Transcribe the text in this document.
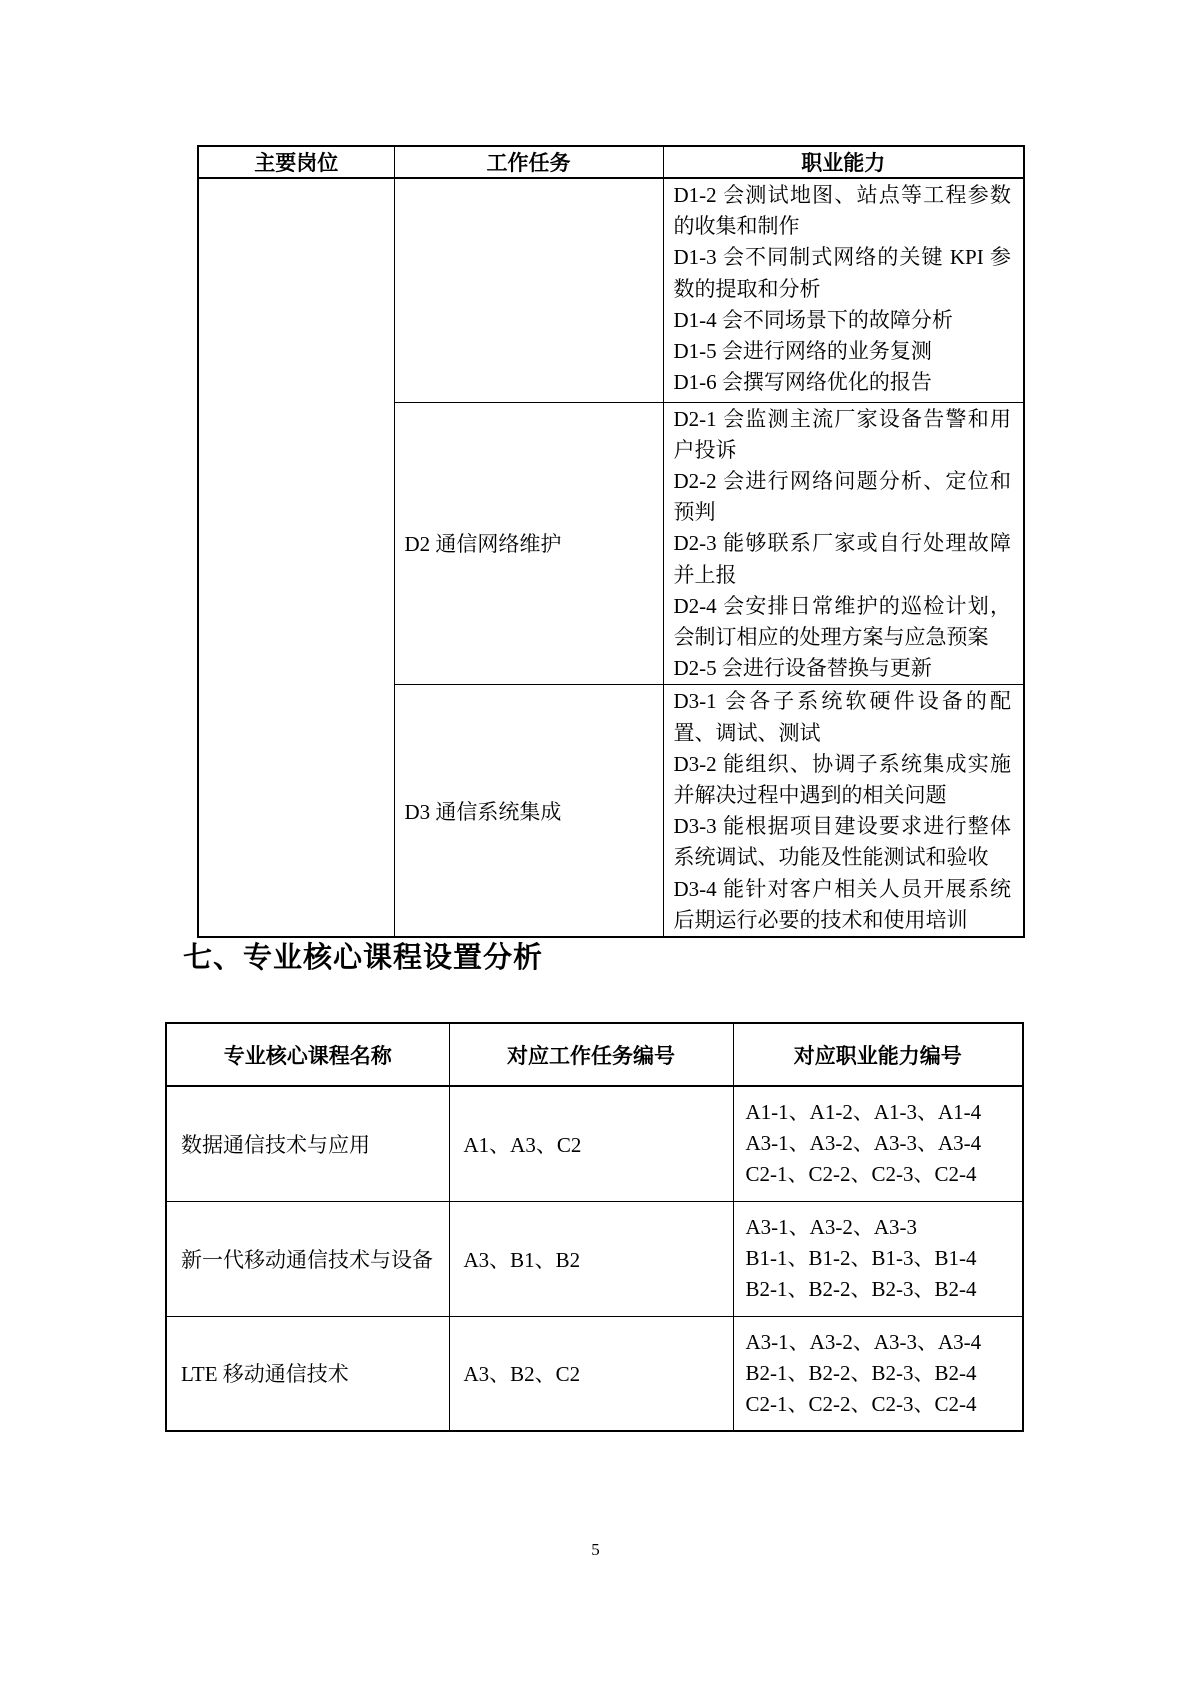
主要岗位	工作任务	职业能力

		D1-2 会测试地图、站点等工程参数的收集和制作
D1-3 会不同制式网络的关键 KPI 参数的提取和分析
D1-4 会不同场景下的故障分析
D1-5 会进行网络的业务复测
D1-6 会撰写网络优化的报告

	D2 通信网络维护	D2-1 会监测主流厂家设备告警和用户投诉
D2-2 会进行网络问题分析、定位和预判
D2-3 能够联系厂家或自行处理故障并上报
D2-4 会安排日常维护的巡检计划，会制订相应的处理方案与应急预案
D2-5 会进行设备替换与更新

	D3 通信系统集成	D3-1 会各子系统软硬件设备的配置、调试、测试
D3-2 能组织、协调子系统集成实施并解决过程中遇到的相关问题
D3-3 能根据项目建设要求进行整体系统调试、功能及性能测试和验收
D3-4 能针对客户相关人员开展系统后期运行必要的技术和使用培训
七、专业核心课程设置分析
专业核心课程名称	对应工作任务编号	对应职业能力编号
数据通信技术与应用	A1、A3、C2	A1-1、A1-2、A1-3、A1-4
A3-1、A3-2、A3-3、A3-4
C2-1、C2-2、C2-3、C2-4

新一代移动通信技术与设备	A3、B1、B2	A3-1、A3-2、A3-3
B1-1、B1-2、B1-3、B1-4
B2-1、B2-2、B2-3、B2-4

LTE 移动通信技术	A3、B2、C2	A3-1、A3-2、A3-3、A3-4
B2-1、B2-2、B2-3、B2-4
C2-1、C2-2、C2-3、C2-4
5
